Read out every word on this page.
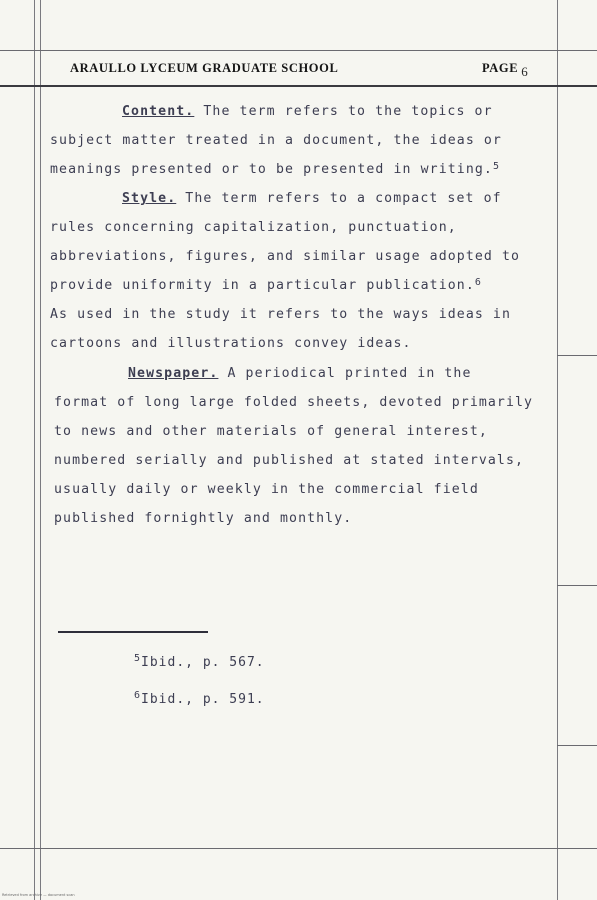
ARAULLO LYCEUM GRADUATE SCHOOL	PAGE 6
Content. The term refers to the topics or
subject matter treated in a document, the ideas or
meanings presented or to be presented in writing.$^5$
Style. The term refers to a compact set of
rules concerning capitalization, punctuation,
abbreviations, figures, and similar usage adopted to
provide uniformity in a particular publication.$^6$
As used in the study it refers to the ways ideas in
cartoons and illustrations convey ideas.
Newspaper. A periodical printed in the
format of long large folded sheets, devoted primarily
to news and other materials of general interest,
numbered serially and published at stated intervals,
usually daily or weekly in the commercial field
published fornightly and monthly.
$^5$Ibid., p. 567.
$^6$Ibid., p. 591.
Retrieved from archive — document scan
